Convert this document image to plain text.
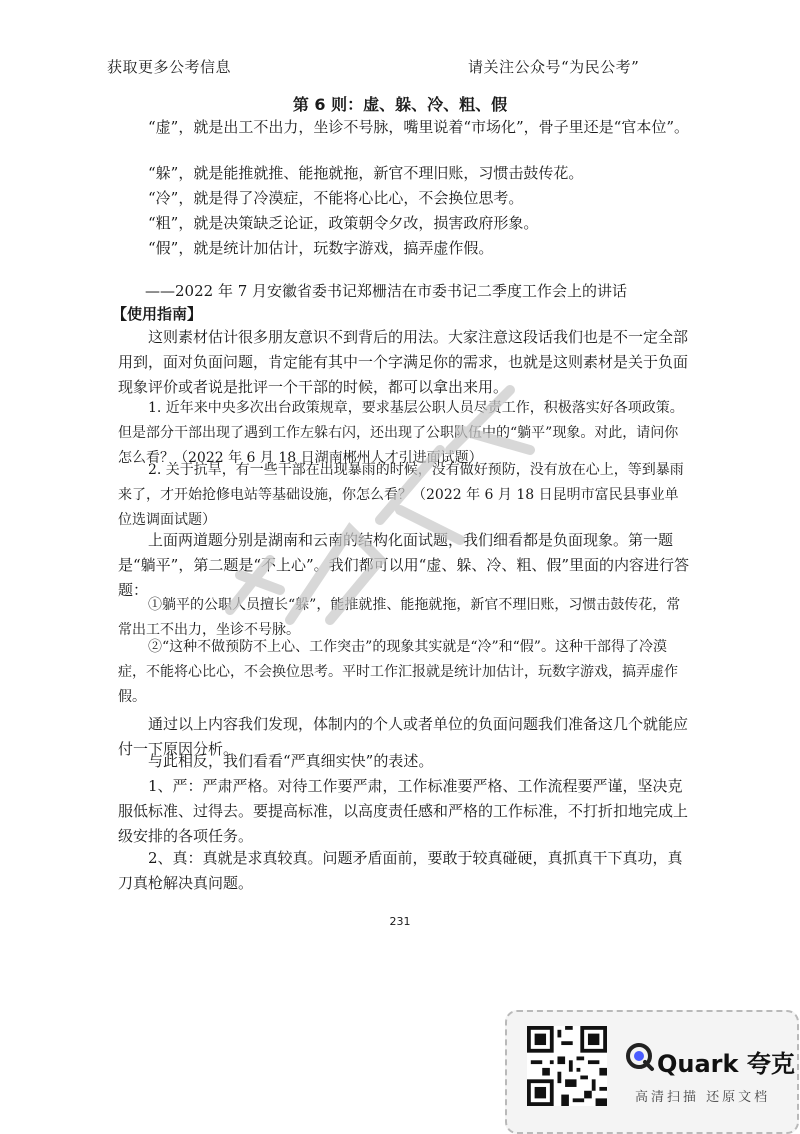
获取更多公考信息	请关注公众号“为民公考”
第 6 则：虚、躲、冷、粗、假

“虚”，就是出工不出力，坐诊不号脉，嘴里说着“市场化”，骨子里还是“官本位”。

“躲”，就是能推就推、能拖就拖，新官不理旧账，习惯击鼓传花。

“冷”，就是得了冷漠症，不能将心比心，不会换位思考。

“粗”，就是决策缺乏论证，政策朝令夕改，损害政府形象。

“假”，就是统计加估计，玩数字游戏，搞弄虚作假。

——2022 年 7 月安徽省委书记郑栅洁在市委书记二季度工作会上的讲话

【使用指南】

这则素材估计很多朋友意识不到背后的用法。大家注意这段话我们也是不一定全部用到，面对负面问题，肯定能有其中一个字满足你的需求，也就是这则素材是关于负面现象评价或者说是批评一个干部的时候，都可以拿出来用。

1. 近年来中央多次出台政策规章，要求基层公职人员尽责工作，积极落实好各项政策。但是部分干部出现了遇到工作左躲右闪，还出现了公职队伍中的“躺平”现象。对此，请问你怎么看？（2022 年 6 月 18 日湖南郴州人才引进面试题）

2. 关于抗旱，有一些干部在出现暴雨的时候，没有做好预防，没有放在心上，等到暴雨来了，才开始抢修电站等基础设施，你怎么看？（2022 年 6 月 18 日昆明市富民县事业单位选调面试题）

上面两道题分别是湖南和云南的结构化面试题，我们细看都是负面现象。第一题是“躺平”，第二题是“不上心”。我们都可以用“虚、躲、冷、粗、假”里面的内容进行答题：

①躺平的公职人员擅长“躲”，能推就推、能拖就拖，新官不理旧账，习惯击鼓传花，常常出工不出力，坐诊不号脉。

②“这种不做预防不上心、工作突击”的现象其实就是“冷”和“假”。这种干部得了冷漠症，不能将心比心，不会换位思考。平时工作汇报就是统计加估计，玩数字游戏，搞弄虚作假。

通过以上内容我们发现，体制内的个人或者单位的负面问题我们准备这几个就能应付一下原因分析。

与此相反，我们看看“严真细实快”的表述。

1、严：严肃严格。对待工作要严肃，工作标准要严格、工作流程要严谨，坚决克服低标准、过得去。要提高标准，以高度责任感和严格的工作标准，不打折扣地完成上级安排的各项任务。

2、真：真就是求真较真。问题矛盾面前，要敢于较真碰硬，真抓真干下真功，真刀真枪解决真问题。

231
Quark 夸克
高清扫描 还原文档
